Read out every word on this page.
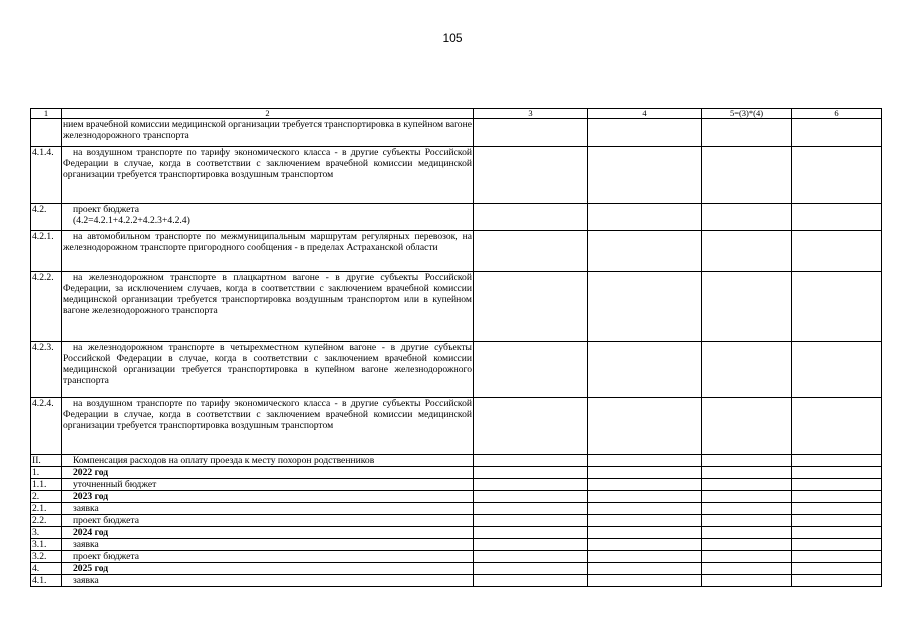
105
1	2	3	4	5=(3)*(4)	6
	нием врачебной комиссии медицинской организации требуется транспортировка в купейном вагоне железнодорожного транспорта				
4.1.4.	на воздушном транспорте по тарифу экономического класса - в другие субъекты Российской Федерации в случае, когда в соответствии с заключением врачебной комиссии медицинской организации требуется транспортировка воздушным транспортом				
4.2.	проект бюджета
(4.2=4.2.1+4.2.2+4.2.3+4.2.4)				

4.2.1.	на автомобильном транспорте по межмуниципальным маршрутам регулярных перевозок, на железнодорожном транспорте пригородного сообщения - в пределах Астраханской области				
4.2.2.	на железнодорожном транспорте в плацкартном вагоне - в другие субъекты Российской Федерации, за исключением случаев, когда в соответствии с заключением врачебной комиссии медицинской организации требуется транспортировка воздушным транспортом или в купейном вагоне железнодорожного транспорта				
4.2.3.	на железнодорожном транспорте в четырехместном купейном вагоне - в другие субъекты Российской Федерации в случае, когда в соответствии с заключением врачебной комиссии медицинской организации требуется транспортировка в купейном вагоне железнодорожного транспорта				
4.2.4.	на воздушном транспорте по тарифу экономического класса - в другие субъекты Российской Федерации в случае, когда в соответствии с заключением врачебной комиссии медицинской организации требуется транспортировка воздушным транспортом				
II.	Компенсация расходов на оплату проезда к месту похорон родственников				
1.	2022 год				
1.1.	уточненный бюджет				
2.	2023 год				
2.1.	заявка				
2.2.	проект бюджета				
3.	2024 год				
3.1.	заявка				
3.2.	проект бюджета				
4.	2025 год				
4.1.	заявка				
